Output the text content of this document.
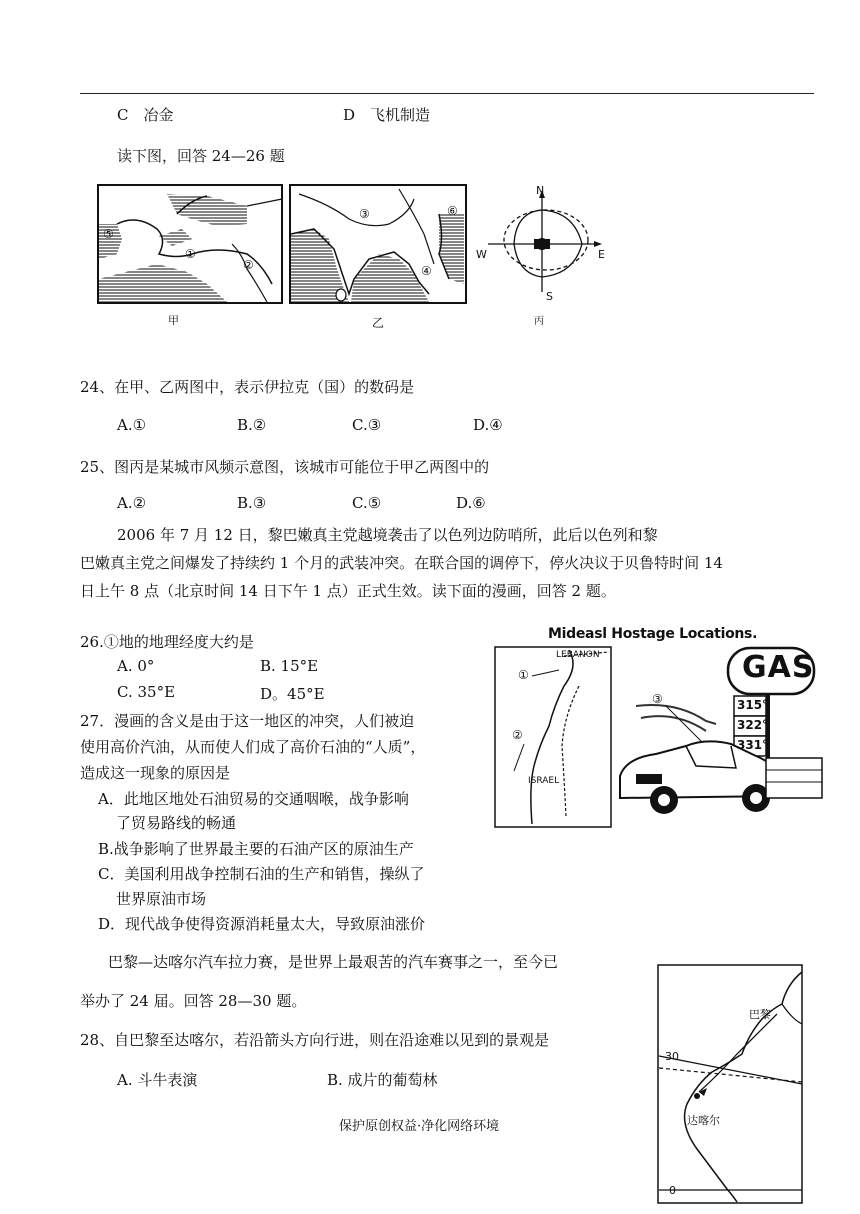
C　冶金	D　飞机制造
读下图，回答 24—26 题
①
②
⑤
甲
③
④
⑥
乙
N
S
E
W
丙
24、在甲、乙两图中，表示伊拉克（国）的数码是
A.①	B.②	C.③	D.④
25、图丙是某城市风频示意图，该城市可能位于甲乙两图中的
A.②	B.③	C.⑤	D.⑥
2006 年 7 月 12 日，黎巴嫩真主党越境袭击了以色列边防哨所，此后以色列和黎
巴嫩真主党之间爆发了持续约 1 个月的武装冲突。在联合国的调停下，停火决议于贝鲁特时间 14
日上午 8 点（北京时间 14 日下午 1 点）正式生效。读下面的漫画，回答 2 题。
26.①地的地理经度大约是
A. 0°	B. 15°E
C. 35°E	D。45°E
27．漫画的含义是由于这一地区的冲突，人们被迫
使用高价汽油，从而使人们成了高价石油的“人质”，
造成这一现象的原因是
A．此地区地处石油贸易的交通咽喉，战争影响
了贸易路线的畅通
B.战争影响了世界最主要的石油产区的原油生产
C．美国利用战争控制石油的生产和销售，操纵了
世界原油市场
D．现代战争使得资源消耗量太大，导致原油涨价
Mideasl Hostage Locations.
LEBANON
ISRAEL
①
②
GAS
315°
322°
331°
③
巴黎—达喀尔汽车拉力赛，是世界上最艰苦的汽车赛事之一，至今已
举办了 24 届。回答 28—30 题。
28、自巴黎至达喀尔，若沿箭头方向行进，则在沿途难以见到的景观是
A. 斗牛表演	B. 成片的葡萄林
巴黎
达喀尔
30
0
保护原创权益·净化网络环境
